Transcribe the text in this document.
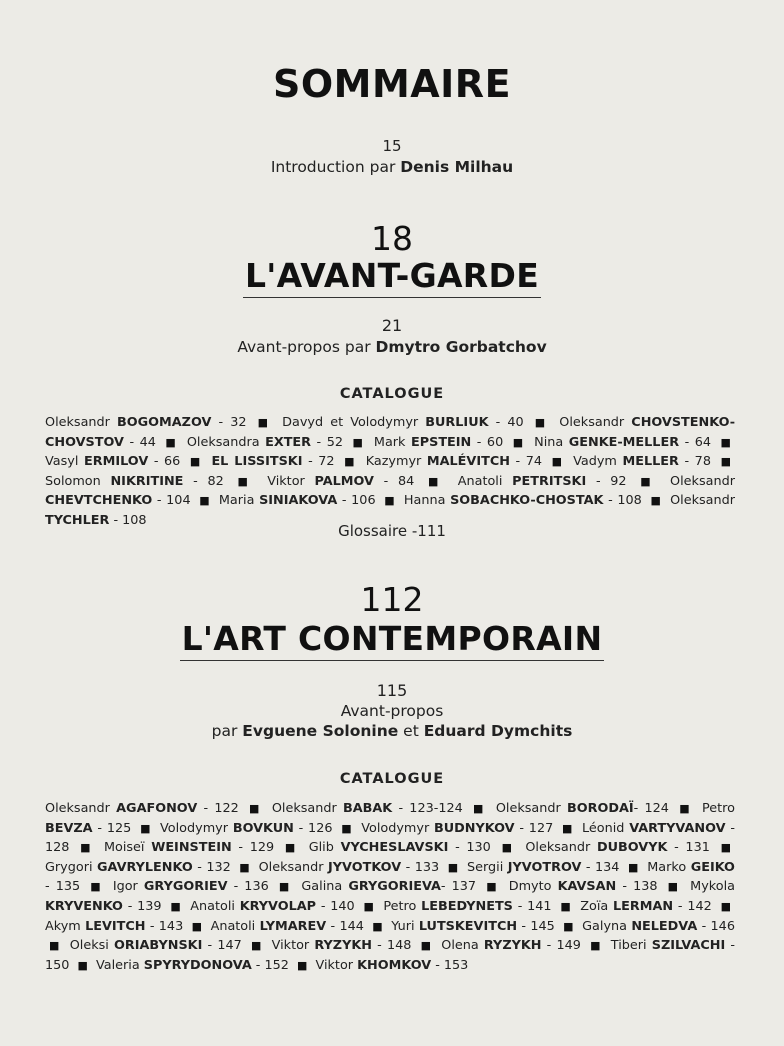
SOMMAIRE
15
Introduction par Denis Milhau
18
L'AVANT-GARDE
21
Avant-propos par Dmytro Gorbatchov
CATALOGUE
Oleksandr BOGOMAZOV - 32 ■ Davyd et Volodymyr BURLIUK - 40 ■ Oleksandr CHOVSTENKO-CHOVSTOV - 44 ■ Oleksandra EXTER - 52 ■ Mark EPSTEIN - 60 ■ Nina GENKE-MELLER - 64 ■ Vasyl ERMILOV - 66 ■ EL LISSITSKI - 72 ■ Kazymyr MALÉVITCH - 74 ■ Vadym MELLER - 78 ■ Solomon NIKRITINE - 82 ■ Viktor PALMOV - 84 ■ Anatoli PETRITSKI - 92 ■ Oleksandr CHEVTCHENKO - 104 ■ Maria SINIAKOVA - 106 ■ Hanna SOBACHKO-CHOSTAK - 108 ■ Oleksandr TYCHLER - 108
Glossaire -111
112
L'ART CONTEMPORAIN
115
Avant-propos
par Evguene Solonine et Eduard Dymchits
CATALOGUE
Oleksandr AGAFONOV - 122 ■ Oleksandr BABAK - 123-124 ■ Oleksandr BORODAÏ- 124 ■ Petro BEVZA - 125 ■ Volodymyr BOVKUN - 126 ■ Volodymyr BUDNYKOV - 127 ■ Léonid VARTYVANOV - 128 ■ Moiseï WEINSTEIN - 129 ■ Glib VYCHESLAVSKI - 130 ■ Oleksandr DUBOVYK - 131 ■ Grygori GAVRYLENKO - 132 ■ Oleksandr JYVOTKOV - 133 ■ Sergii JYVOTROV - 134 ■ Marko GEIKO - 135 ■ Igor GRYGORIEV - 136 ■ Galina GRYGORIEVA- 137 ■ Dmyto KAVSAN - 138 ■ Mykola KRYVENKO - 139 ■ Anatoli KRYVOLAP - 140 ■ Petro LEBEDYNETS - 141 ■ Zoïa LERMAN - 142 ■ Akym LEVITCH - 143 ■ Anatoli LYMAREV - 144 ■ Yuri LUTSKEVITCH - 145 ■ Galyna NELEDVA - 146 ■ Oleksi ORIABYNSKI - 147 ■ Viktor RYZYKH - 148 ■ Olena RYZYKH - 149 ■ Tiberi SZILVACHI - 150 ■ Valeria SPYRYDONOVA - 152 ■ Viktor KHOMKOV - 153
